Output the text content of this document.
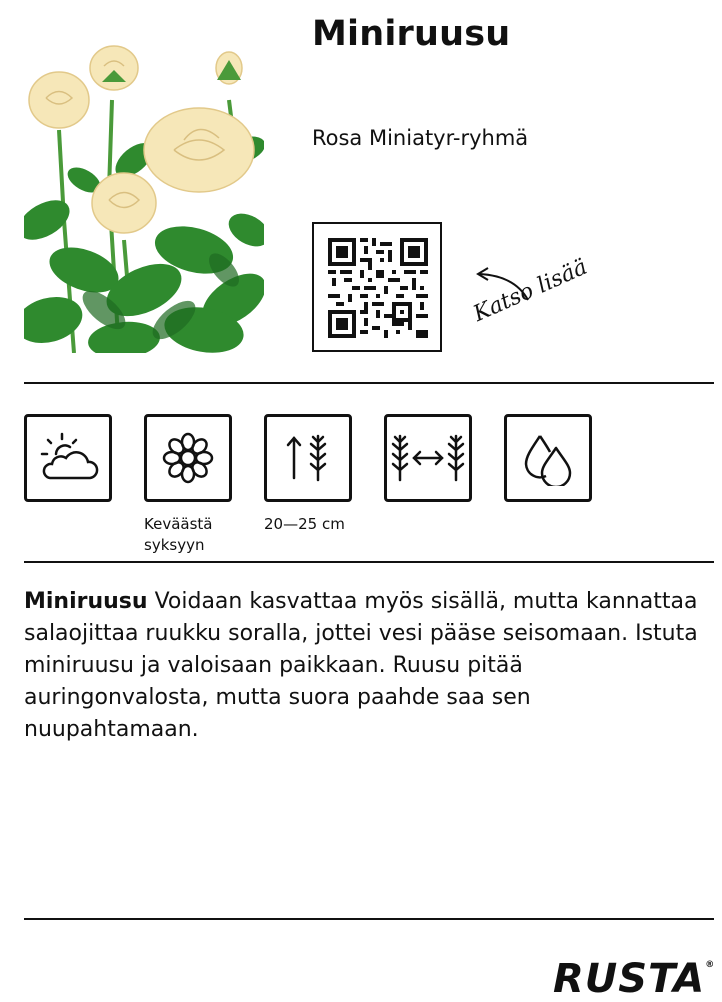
Miniruusu
Rosa Miniatyr-ryhmä
Katso lisää
Keväästä syksyyn
20—25 cm
Miniruusu Voidaan kasvattaa myös sisällä, mutta kannattaa salaojittaa ruukku soralla, jottei vesi pääse seisomaan. Istuta miniruusu ja valoisaan paikkaan. Ruusu pitää auringonvalosta, mutta suora paahde saa sen nuupahtamaan.
RUSTA®
